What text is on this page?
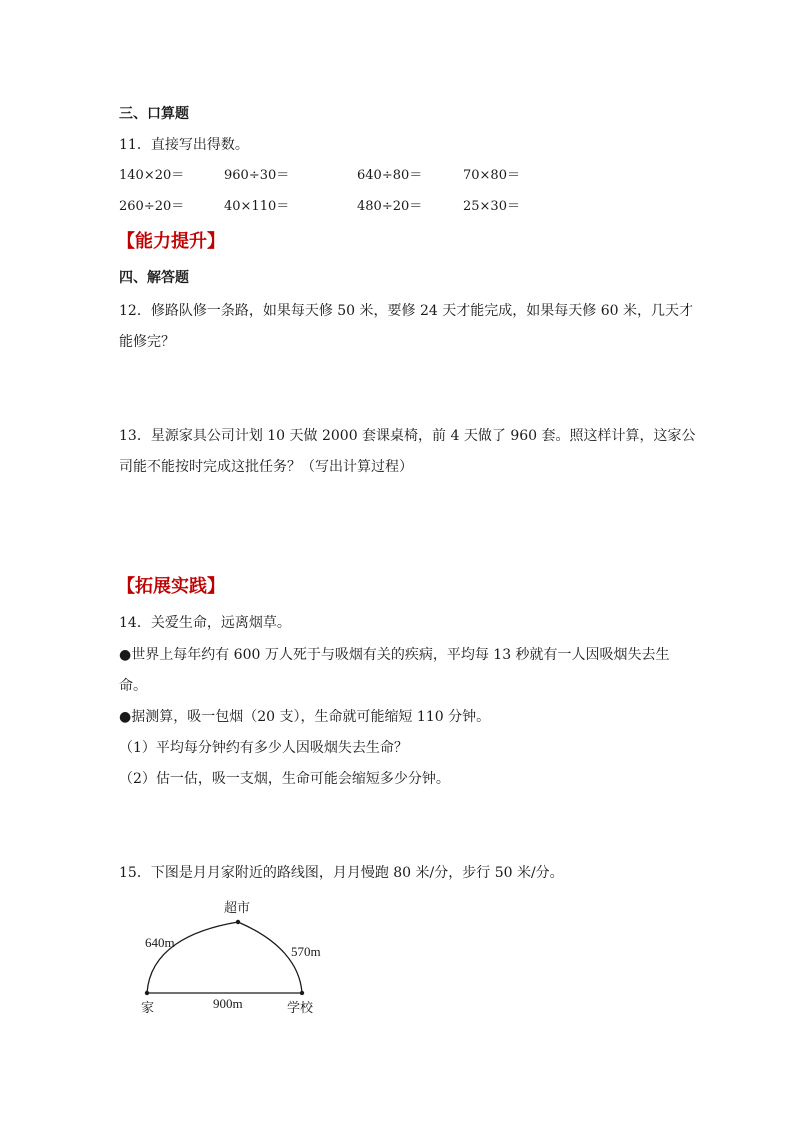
三、口算题
11．直接写出得数。
140×20＝	960÷30＝	640÷80＝	70×80＝
260÷20＝	40×110＝	480÷20＝	25×30＝
【能力提升】
四、解答题
12．修路队修一条路，如果每天修 50 米，要修 24 天才能完成，如果每天修 60 米，几天才
能修完？
13．星源家具公司计划 10 天做 2000 套课桌椅，前 4 天做了 960 套。照这样计算，这家公
司能不能按时完成这批任务？（写出计算过程）
【拓展实践】
14．关爱生命，远离烟草。
●世界上每年约有 600 万人死于与吸烟有关的疾病，平均每 13 秒就有一人因吸烟失去生
命。
●据测算，吸一包烟（20 支），生命就可能缩短 110 分钟。
（1）平均每分钟约有多少人因吸烟失去生命？
（2）估一估，吸一支烟，生命可能会缩短多少分钟。
15．下图是月月家附近的路线图，月月慢跑 80 米/分，步行 50 米/分。
超市
640m
570m
900m
家	学校
